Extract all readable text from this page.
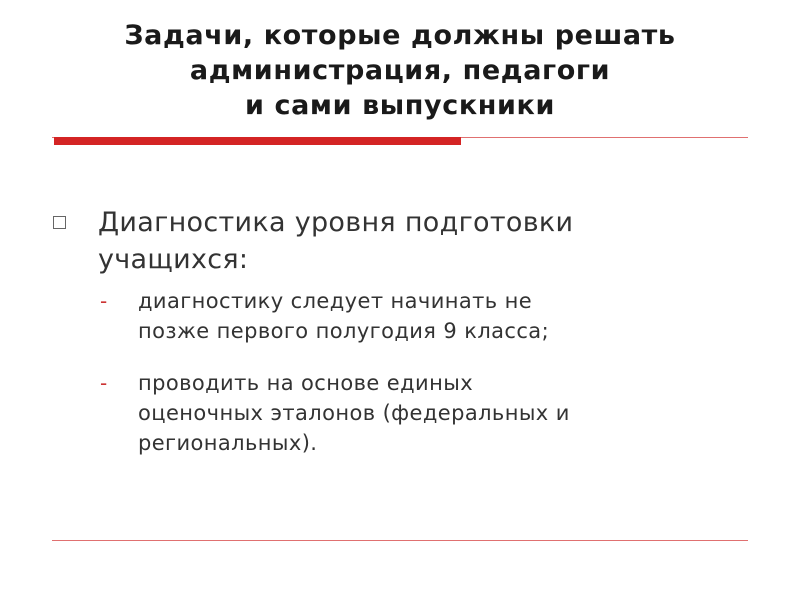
Задачи, которые должны решать
администрация, педагоги
и сами выпускники
Диагностика уровня подготовки
учащихся:
- диагностику следует начинать не
позже первого полугодия 9 класса;
- проводить на основе единых
оценочных эталонов (федеральных и
региональных).
